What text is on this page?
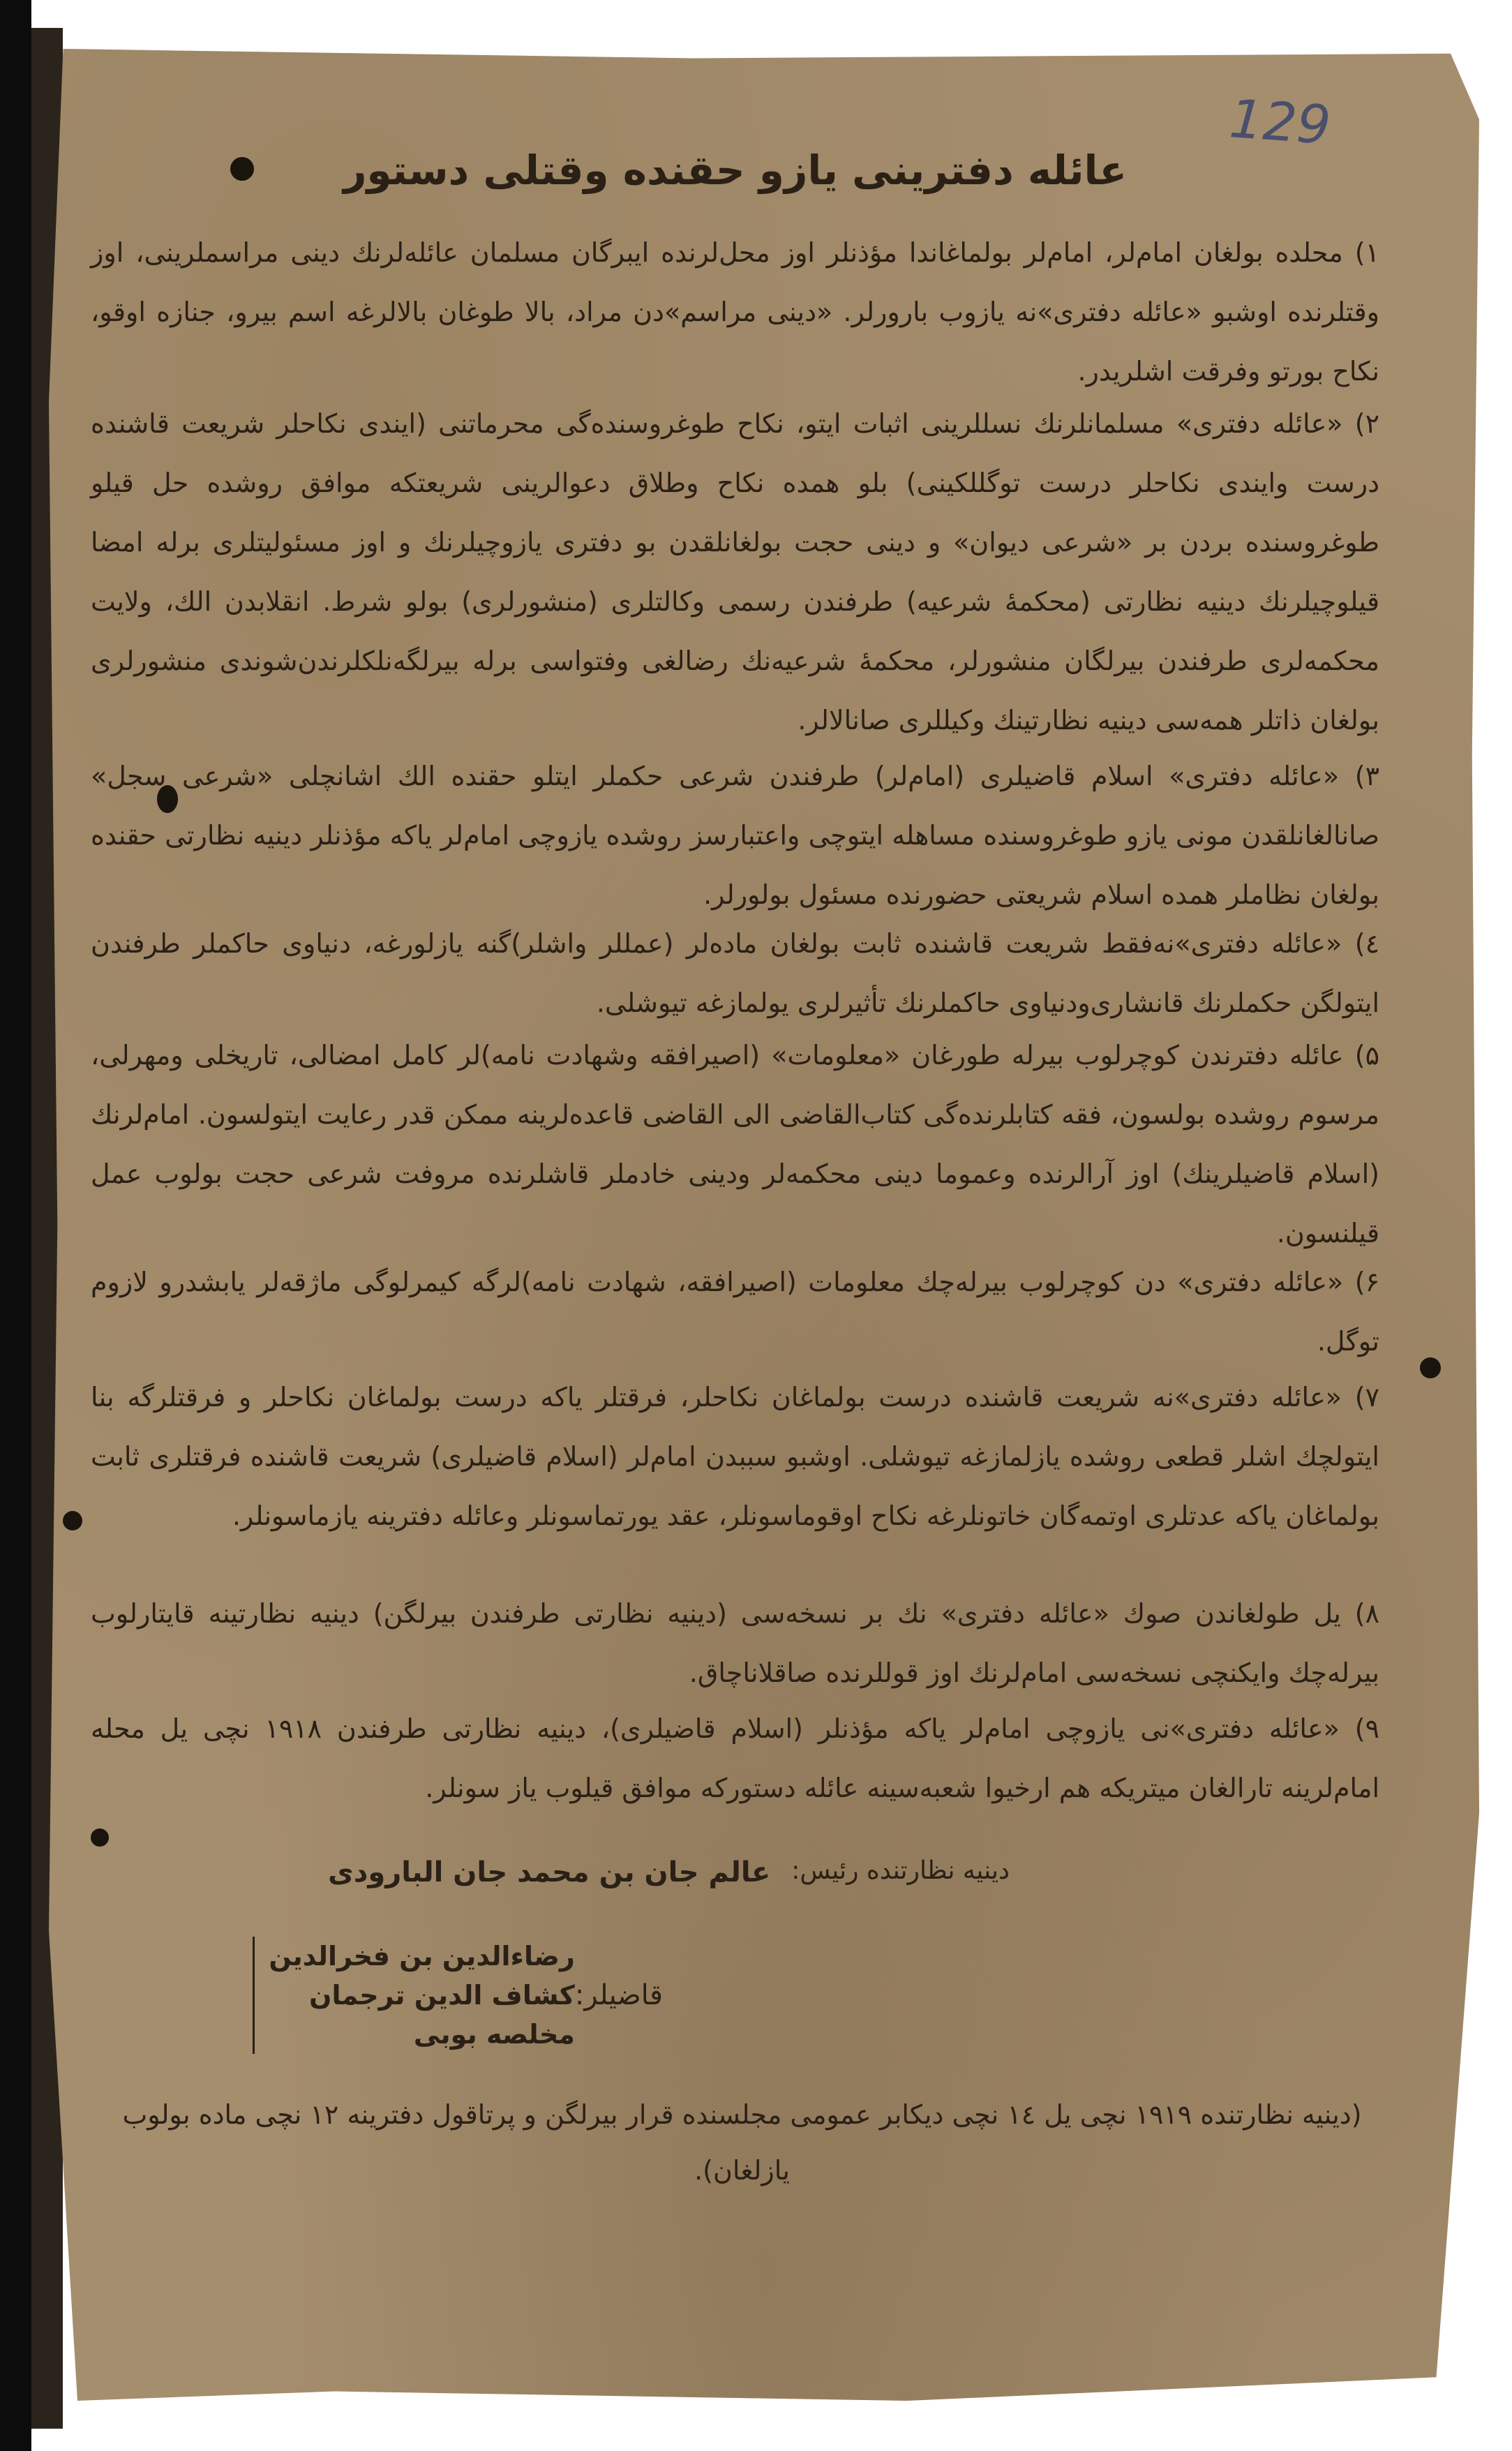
129
عائله دفترینی یازو حقنده وقتلی دستور
۱) محلده بولغان امام‌لر، امام‌لر بولماغاندا مؤذنلر اوز محل‌لرنده ایبرگان مسلمان عائله‌لرنك دینی مراسملرینی، اوز وقتلرنده اوشبو «عائله دفتری»نه یازوب بارورلر. «دینی مراسم»دن مراد، بالا طوغان بالالرغه اسم بیرو، جنازه اوقو، نکاح بورتو وفرقت اشلریدر.
۲) «عائله دفتری» مسلمانلرنك نسللرینی اثبات ایتو، نکاح طوغروسنده‌گی محرماتنی (ایندی نکاحلر شریعت قاشنده درست وایندی نکاحلر درست توگللکینی) بلو همده نکاح وطلاق دعوالرینی شریعتکه موافق روشده حل قیلو طوغروسنده بردن بر «شرعی دیوان» و دینی حجت بولغانلقدن بو دفتری یازوچیلرنك و اوز مسئولیتلری برله امضا قیلوچیلرنك دینیه نظارتی (محکمهٔ شرعیه) طرفندن رسمی وکالتلری (منشورلری) بولو شرط. انقلابدن الك، ولایت محکمه‌لری طرفندن بیرلگان منشورلر، محکمهٔ شرعیه‌نك رضالغی وفتواسی برله بیرلگه‌نلکلرندن‌شوندی منشورلری بولغان ذاتلر همه‌سی دینیه نظارتینك وکیللری صانالالر.
۳) «عائله دفتری» اسلام قاضیلری (امام‌لر) طرفندن شرعی حکملر ایتلو حقنده الك اشانچلی «شرعی سجل» صانالغانلقدن مونی یازو طوغروسنده مساهله ایتوچی واعتبارسز روشده یازوچی امام‌لر یاکه مؤذنلر دینیه نظارتی حقنده بولغان نظاملر همده اسلام شریعتی حضورنده مسئول بولورلر.
٤) «عائله دفتری»نه‌فقط شریعت قاشنده ثابت بولغان ماده‌لر (عمللر واشلر)گنه یازلورغه، دنیاوی حاکملر طرفندن ایتولگن حکملرنك قانشاری‌ودنیاوی حاکملرنك تأثیرلری یولمازغه تیوشلی.
۵) عائله دفترندن کوچرلوب بیرله طورغان «معلومات» (اصیرافقه وشهادت نامه)لر کامل امضالی، تاریخلی ومهرلی، مرسوم روشده بولسون، فقه کتابلرنده‌گی کتاب‌القاضی الی القاضی قاعده‌لرینه ممکن قدر رعایت ایتولسون. امام‌لرنك (اسلام قاضیلرینك) اوز آرالرنده وعموما دینی محکمه‌لر ودینی خادملر قاشلرنده مروفت شرعی حجت بولوب عمل قیلنسون.
۶) «عائله دفتری» دن کوچرلوب بیرله‌چك معلومات (اصیرافقه، شهادت نامه)لرگه کیمرلوگی ماژقه‌لر یابشدرو لازوم توگل.
۷) «عائله دفتری»نه شریعت قاشنده درست بولماغان نکاحلر، فرقتلر یاکه درست بولماغان نکاحلر و فرقتلرگه بنا ایتولچك اشلر قطعی روشده یازلمازغه تیوشلی. اوشبو سببدن امام‌لر (اسلام قاضیلری) شریعت قاشنده فرقتلری ثابت بولماغان یاکه عدتلری اوتمه‌گان خاتونلرغه نکاح اوقوماسونلر، عقد یورتماسونلر وعائله دفترینه یازماسونلر.
۸) یل طولغاندن صوك «عائله دفتری» نك بر نسخه‌سی (دینیه نظارتی طرفندن بیرلگن) دینیه نظارتینه قایتارلوب بیرله‌چك وایکنچی نسخه‌سی امام‌لرنك اوز قوللرنده صاقلاناچاق.
۹) «عائله دفتری»نی یازوچی امام‌لر یاکه مؤذنلر (اسلام قاضیلری)، دینیه نظارتی طرفندن ۱۹۱۸ نچی یل محله امام‌لرینه تارالغان میتریکه هم ارخیوا شعبه‌سینه عائله دستورکه موافق قیلوب یاز سونلر.
دینیه نظارتنده رئیس:
عالم جان بن محمد جان البارودی
قاضیلر:
رضاءالدین بن فخرالدین
کشاف الدین ترجمان
مخلصه بوبی
(دینیه نظارتنده ۱۹۱۹ نچی یل ۱٤ نچی دیکابر عمومی مجلسنده قرار بیرلگن و پرتاقول دفترینه ۱۲ نچی ماده بولوب یازلغان).
